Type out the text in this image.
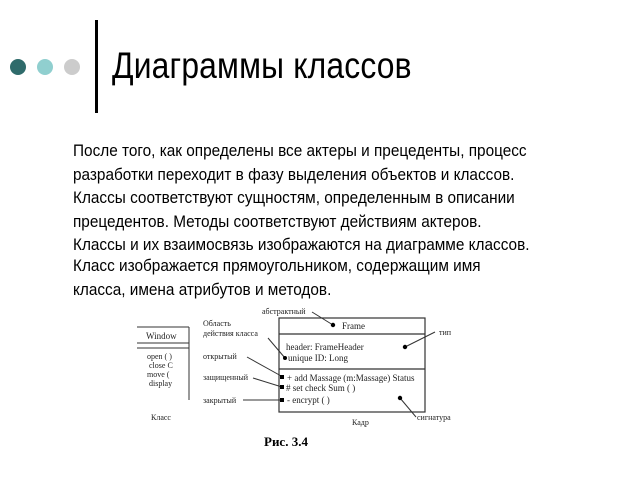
Диаграммы классов
После того, как определены все актеры и прецеденты, процесс
разработки переходит в фазу выделения объектов и классов.
Классы соответствуют сущностям, определенным в описании
прецедентов. Методы соответствуют действиям актеров.
Классы и их взаимосвязь изображаются на диаграмме классов.
Класс изображается прямоугольником, содержащим имя
класса, имена атрибутов и методов.
Window
open ( )
close C
move (
display
Класс
Область
действия класса
открытый
защищенный
закрытый
абстрактный
Frame
header: FrameHeader
unique ID: Long
+ add Massage (m:Massage) Status
# set check Sum ( )
- encrypt ( )
Кадр
тип
сигнатура
Рис. 3.4
